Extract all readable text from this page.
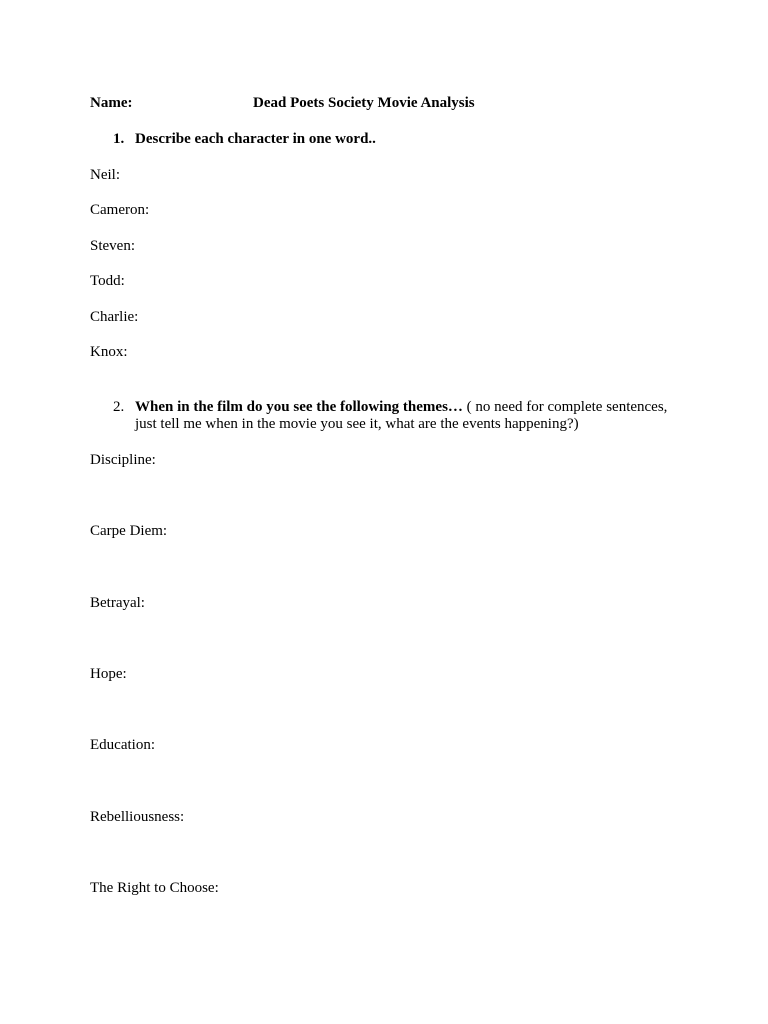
Name:	Dead Poets Society Movie Analysis
1. Describe each character in one word..
Neil:
Cameron:
Steven:
Todd:
Charlie:
Knox:
2. When in the film do you see the following themes… ( no need for complete sentences,
just tell me when in the movie you see it, what are the events happening?)
Discipline:
Carpe Diem:
Betrayal:
Hope:
Education:
Rebelliousness:
The Right to Choose:
